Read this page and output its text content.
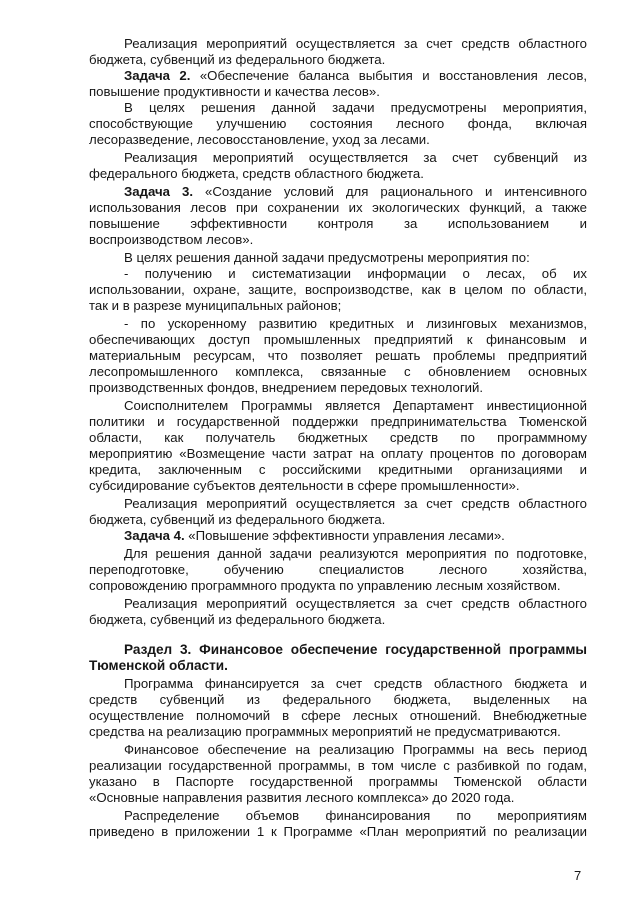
Реализация мероприятий осуществляется за счет средств областного

бюджета, субвенций из федерального бюджета.

Задача 2. «Обеспечение баланса выбытия и восстановления лесов,

повышение продуктивности и качества лесов».

В целях решения данной задачи предусмотрены мероприятия,

способствующие улучшению состояния лесного фонда, включая

лесоразведение, лесовосстановление, уход за лесами.

Реализация мероприятий осуществляется за счет субвенций из

федерального бюджета, средств областного бюджета.

Задача 3. «Создание условий для рационального и интенсивного

использования лесов при сохранении их экологических функций, а также

повышение эффективности контроля за использованием и

воспроизводством лесов».

В целях решения данной задачи предусмотрены мероприятия по:

- получению и систематизации информации о лесах, об их

использовании, охране, защите, воспроизводстве, как в целом по области,

так и в разрезе муниципальных районов;

- по ускоренному развитию кредитных и лизинговых механизмов,

обеспечивающих доступ промышленных предприятий к финансовым и

материальным ресурсам, что позволяет решать проблемы предприятий

лесопромышленного комплекса, связанные с обновлением основных

производственных фондов, внедрением передовых технологий.

Соисполнителем Программы является Департамент инвестиционной

политики и государственной поддержки предпринимательства Тюменской

области, как получатель бюджетных средств по программному

мероприятию «Возмещение части затрат на оплату процентов по договорам

кредита, заключенным с российскими кредитными организациями и

субсидирование субъектов деятельности в сфере промышленности».

Реализация мероприятий осуществляется за счет средств областного

бюджета, субвенций из федерального бюджета.

Задача 4. «Повышение эффективности управления лесами».

Для решения данной задачи реализуются мероприятия по подготовке,

переподготовке, обучению специалистов лесного хозяйства,

сопровождению программного продукта по управлению лесным хозяйством.

Реализация мероприятий осуществляется за счет средств областного

бюджета, субвенций из федерального бюджета.

Раздел 3. Финансовое обеспечение государственной программы

Тюменской области.

Программа финансируется за счет средств областного бюджета и

средств субвенций из федерального бюджета, выделенных на

осуществление полномочий в сфере лесных отношений. Внебюджетные

средства на реализацию программных мероприятий не предусматриваются.

Финансовое обеспечение на реализацию Программы на весь период

реализации государственной программы, в том числе с разбивкой по годам,

указано в Паспорте государственной программы Тюменской области

«Основные направления развития лесного комплекса» до 2020 года.

Распределение объемов финансирования по мероприятиям

приведено в приложении 1 к Программе «План мероприятий по реализации

7
